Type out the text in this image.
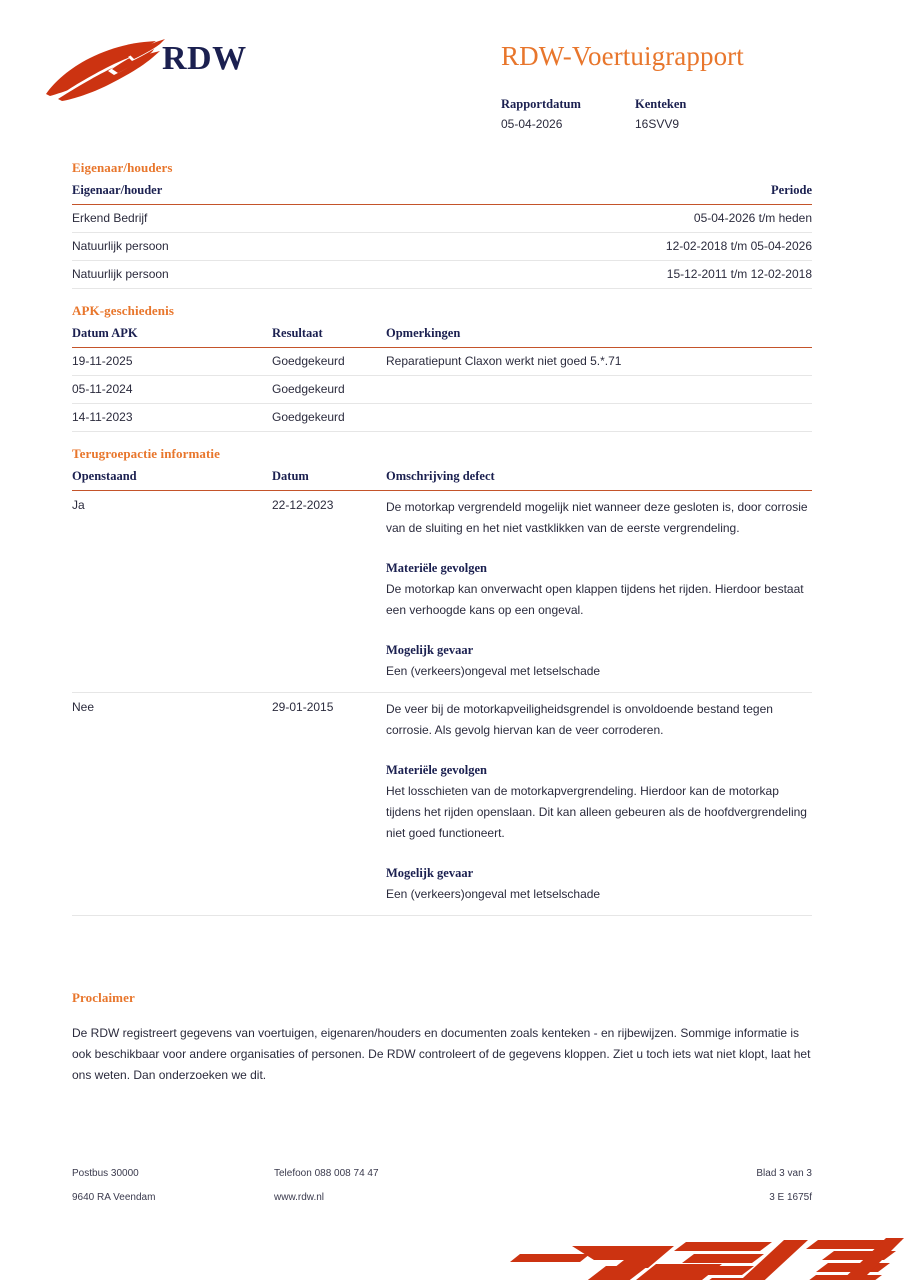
RDW	RDW-Voertuigrapport
Rapportdatum
05-04-2026
Kenteken
16SVV9
Eigenaar/houders
Eigenaar/houder	Periode
Erkend Bedrijf	05-04-2026 t/m heden
Natuurlijk persoon	12-02-2018 t/m 05-04-2026
Natuurlijk persoon	15-12-2011 t/m 12-02-2018
APK-geschiedenis
Datum APK	Resultaat	Opmerkingen
19-11-2025	Goedgekeurd	Reparatiepunt Claxon werkt niet goed 5.*.71
05-11-2024	Goedgekeurd	
14-11-2023	Goedgekeurd	
Terugroepactie informatie
Openstaand	Datum	Omschrijving defect
Ja	22-12-2023	De motorkap vergrendeld mogelijk niet wanneer deze gesloten is, door corrosie van de sluiting en het niet vastklikken van de eerste vergrendeling.

Materiële gevolgen

De motorkap kan onverwacht open klappen tijdens het rijden. Hierdoor bestaat een verhoogde kans op een ongeval.

Mogelijk gevaar

Een (verkeers)ongeval met letselschade

Nee	29-01-2015	De veer bij de motorkapveiligheidsgrendel is onvoldoende bestand tegen corrosie. Als gevolg hiervan kan de veer corroderen.

Materiële gevolgen

Het losschieten van de motorkapvergrendeling. Hierdoor kan de motorkap tijdens het rijden openslaan. Dit kan alleen gebeuren als de hoofdvergrendeling niet goed functioneert.

Mogelijk gevaar

Een (verkeers)ongeval met letselschade

Proclaimer

De RDW registreert gegevens van voertuigen, eigenaren/houders en documenten zoals kenteken - en rijbewijzen. Sommige informatie is ook beschikbaar voor andere organisaties of personen. De RDW controleert of de gegevens kloppen. Ziet u toch iets wat niet klopt, laat het ons weten. Dan onderzoeken we dit.

Postbus 30000	Telefoon 088 008 74 47	Blad 3 van 3
9640 RA Veendam	www.rdw.nl	3 E 1675f
